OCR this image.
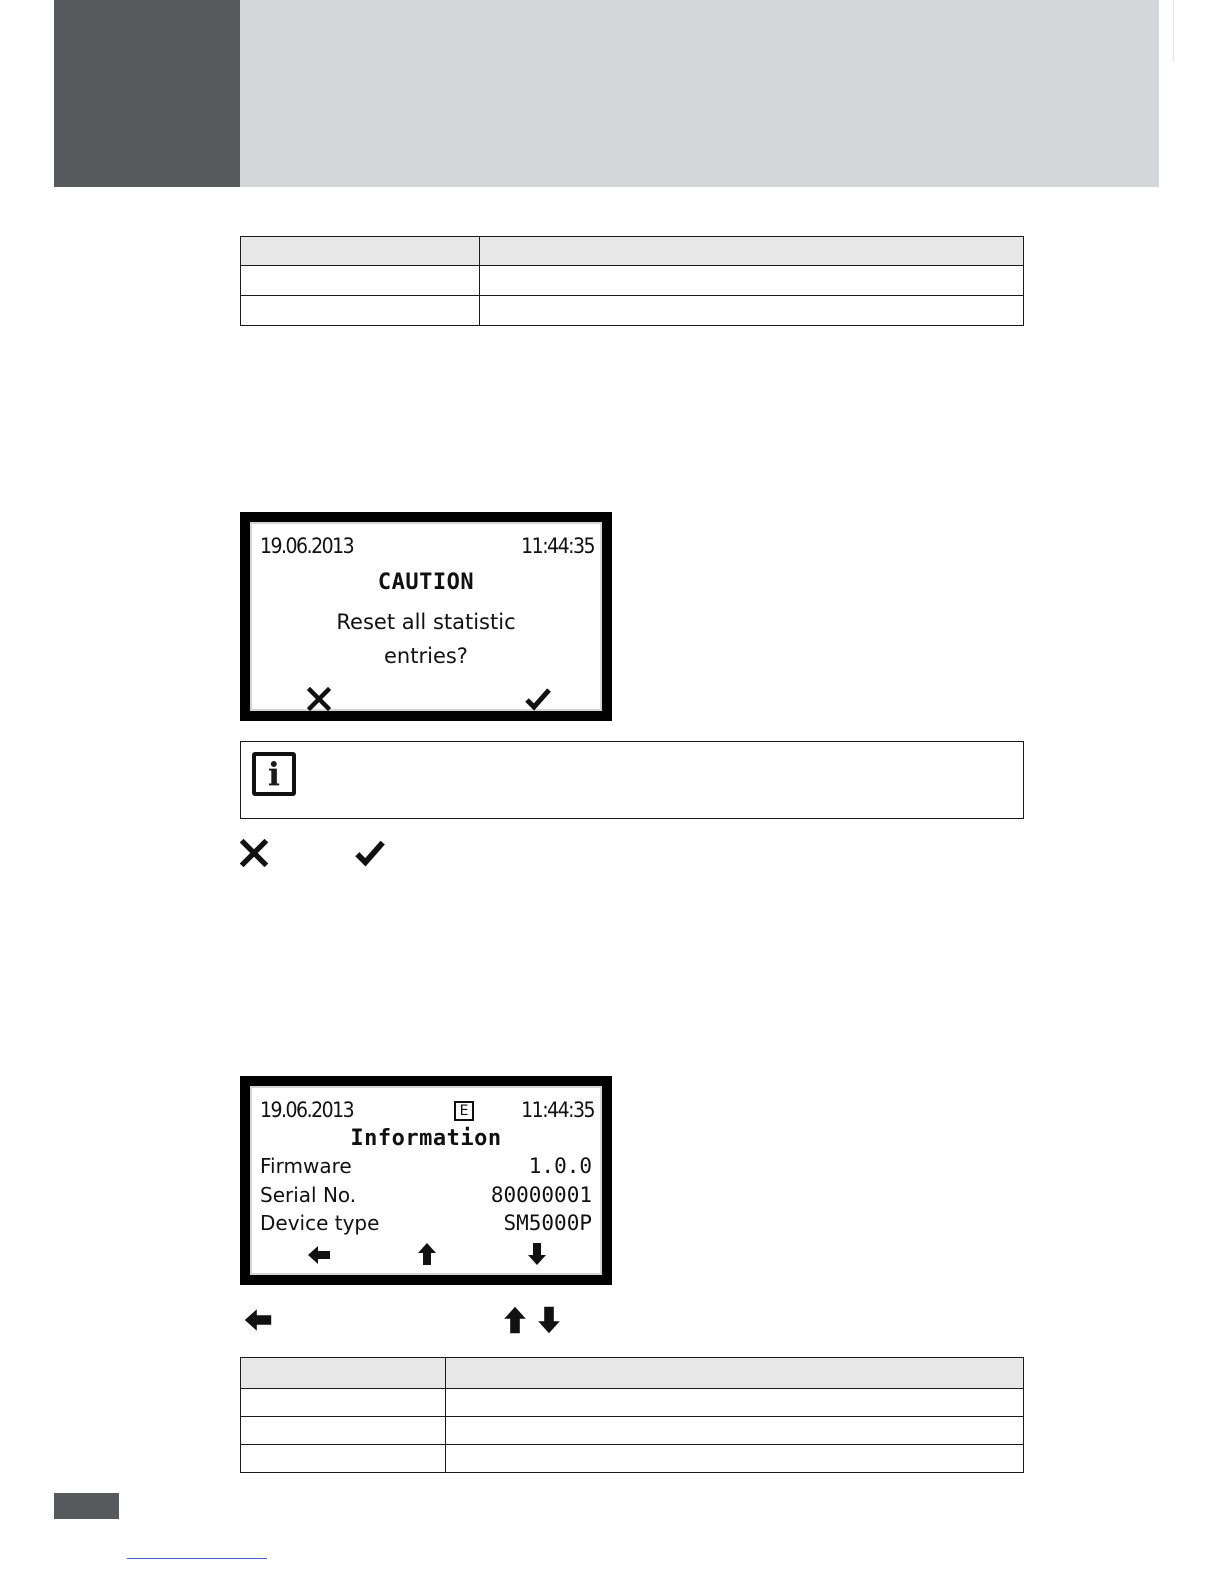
19.06.2013	11:44:35
CAUTION
Reset all statistic
entries?
i
19.06.2013	E	11:44:35
Information
Firmware	1.0.0
Serial No.	80000001
Device type	SM5000P
